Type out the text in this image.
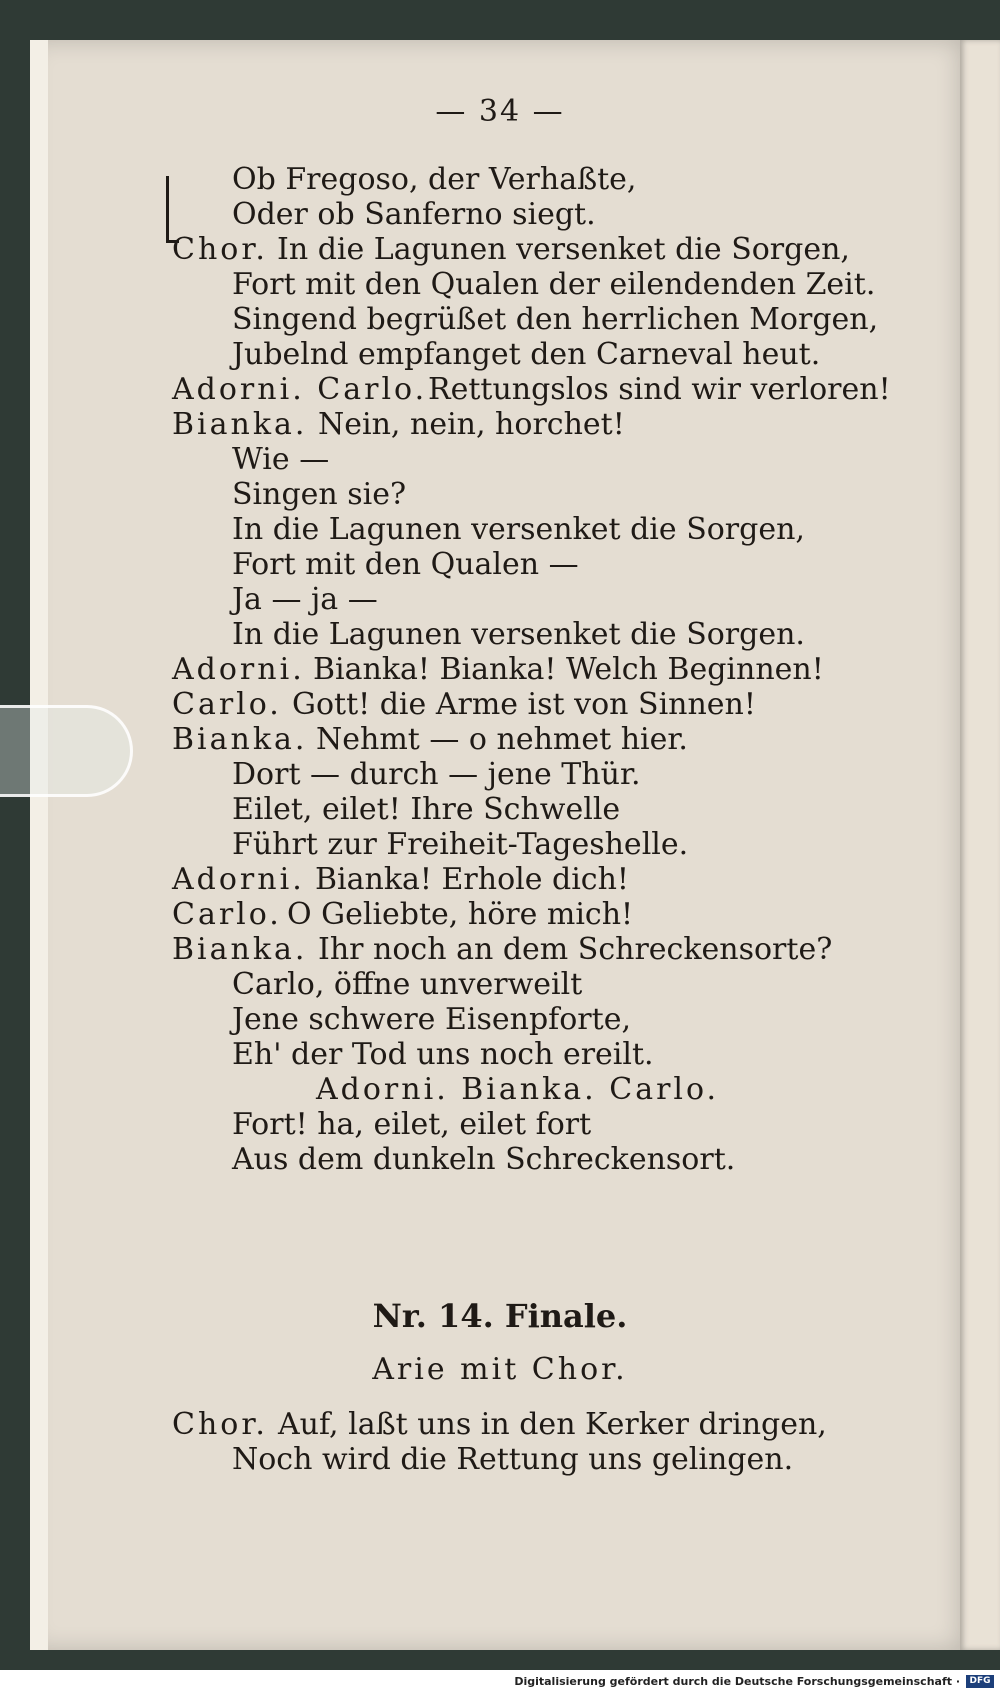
— 34 —
Ob Fregoso, der Verhaßte,
Oder ob Sanferno siegt.
Chor. In die Lagunen versenket die Sorgen,
Fort mit den Qualen der eilendenden Zeit.
Singend begrüßet den herrlichen Morgen,
Jubelnd empfanget den Carneval heut.
Adorni. Carlo. Rettungslos sind wir verloren!
Bianka. Nein, nein, horchet!
Wie —
Singen sie?
In die Lagunen versenket die Sorgen,
Fort mit den Qualen —
Ja — ja —
In die Lagunen versenket die Sorgen.
Adorni. Bianka! Bianka! Welch Beginnen!
Carlo. Gott! die Arme ist von Sinnen!
Bianka. Nehmt — o nehmet hier.
Dort — durch — jene Thür.
Eilet, eilet! Ihre Schwelle
Führt zur Freiheit-Tageshelle.
Adorni. Bianka! Erhole dich!
Carlo. O Geliebte, höre mich!
Bianka. Ihr noch an dem Schreckensorte?
Carlo, öffne unverweilt
Jene schwere Eisenpforte,
Eh' der Tod uns noch ereilt.
Adorni. Bianka. Carlo.
Fort! ha, eilet, eilet fort
Aus dem dunkeln Schreckensort.
Nr. 14. Finale.
Arie mit Chor.
Chor. Auf, laßt uns in den Kerker dringen,
Noch wird die Rettung uns gelingen.
Digitalisierung gefördert durch die Deutsche Forschungsgemeinschaft ·	DFG
